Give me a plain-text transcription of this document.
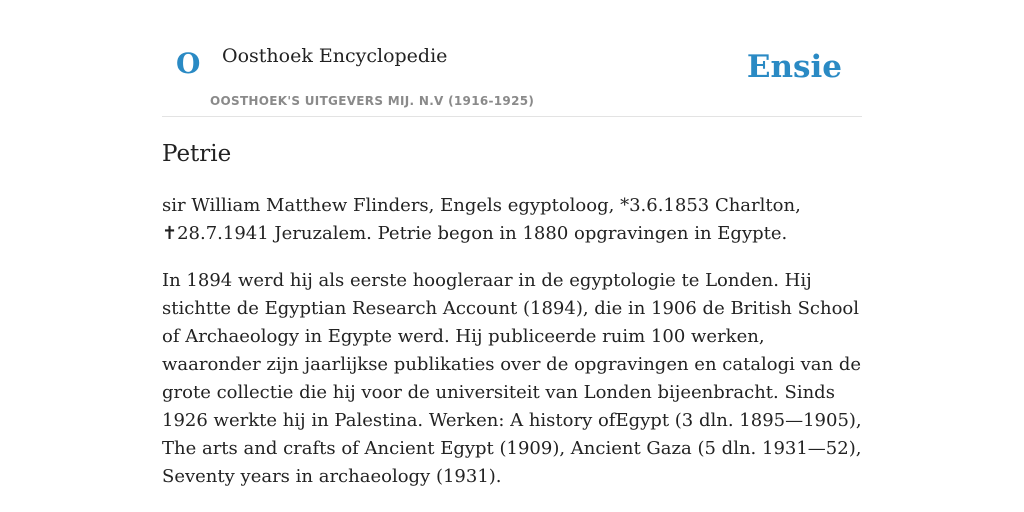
O Oosthoek Encyclopedie
OOSTHOEK'S UITGEVERS MIJ. N.V (1916-1925)
Ensie
Petrie

sir William Matthew Flinders, Engels egyptoloog, *3.6.1853 Charlton, ✝28.7.1941 Jeruzalem. Petrie begon in 1880 opgravingen in Egypte.

In 1894 werd hij als eerste hoogleraar in de egyptologie te Londen. Hij stichtte de Egyptian Research Account (1894), die in 1906 de British School of Archaeology in Egypte werd. Hij publiceerde ruim 100 werken, waaronder zijn jaarlijkse publikaties over de opgravingen en catalogi van de grote collectie die hij voor de universiteit van Londen bijeenbracht. Sinds 1926 werkte hij in Palestina. Werken: A history ofEgypt (3 dln. 1895—1905), The arts and crafts of Ancient Egypt (1909), Ancient Gaza (5 dln. 1931—52), Seventy years in archaeology (1931).
